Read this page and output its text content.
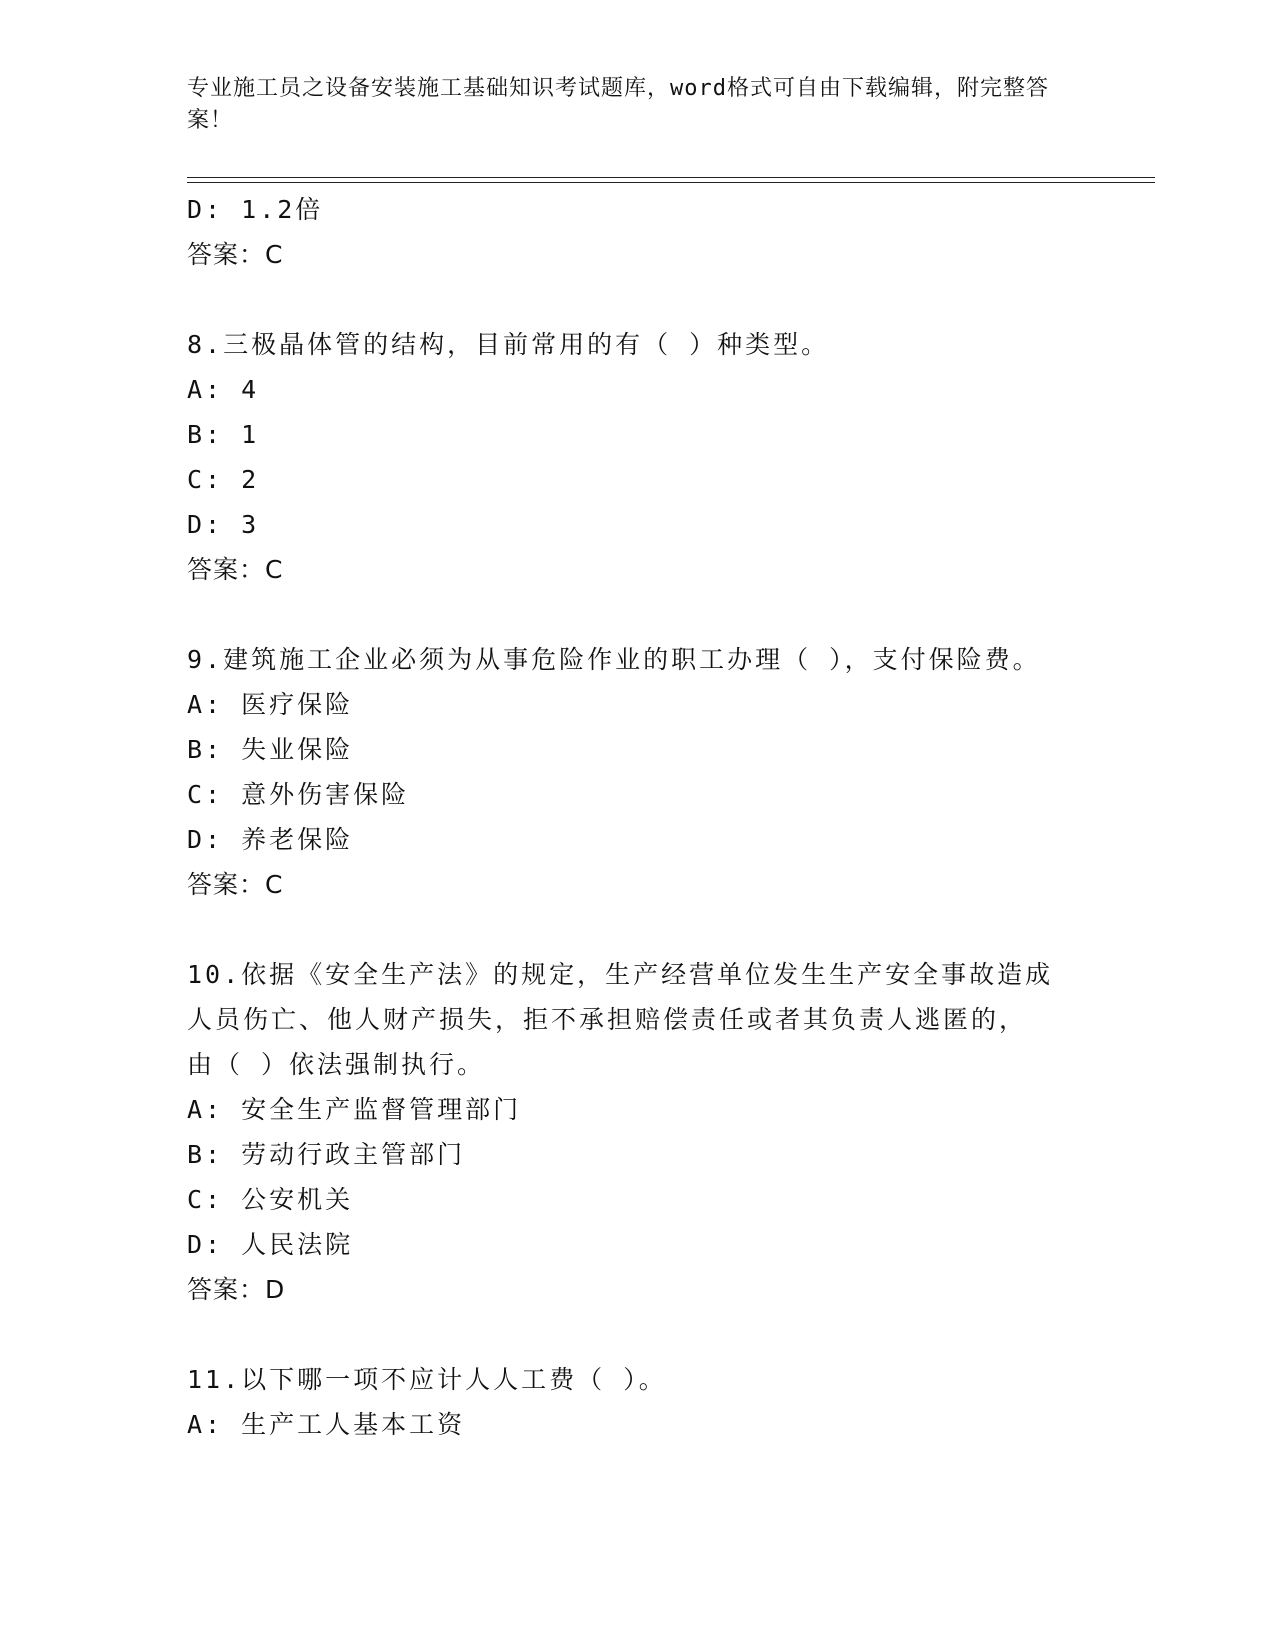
专业施工员之设备安装施工基础知识考试题库，word格式可自由下载编辑，附完整答案！
D: 1.2倍
答案：C
8.三极晶体管的结构，目前常用的有（ ）种类型。
A: 4
B: 1
C: 2
D: 3
答案：C
9.建筑施工企业必须为从事危险作业的职工办理（ ），支付保险费。
A: 医疗保险
B: 失业保险
C: 意外伤害保险
D: 养老保险
答案：C
10.依据《安全生产法》的规定，生产经营单位发生生产安全事故造成
人员伤亡、他人财产损失，拒不承担赔偿责任或者其负责人逃匿的，
由（ ）依法强制执行。
A: 安全生产监督管理部门
B: 劳动行政主管部门
C: 公安机关
D: 人民法院
答案：D
11.以下哪一项不应计人人工费（ ）。
A: 生产工人基本工资
